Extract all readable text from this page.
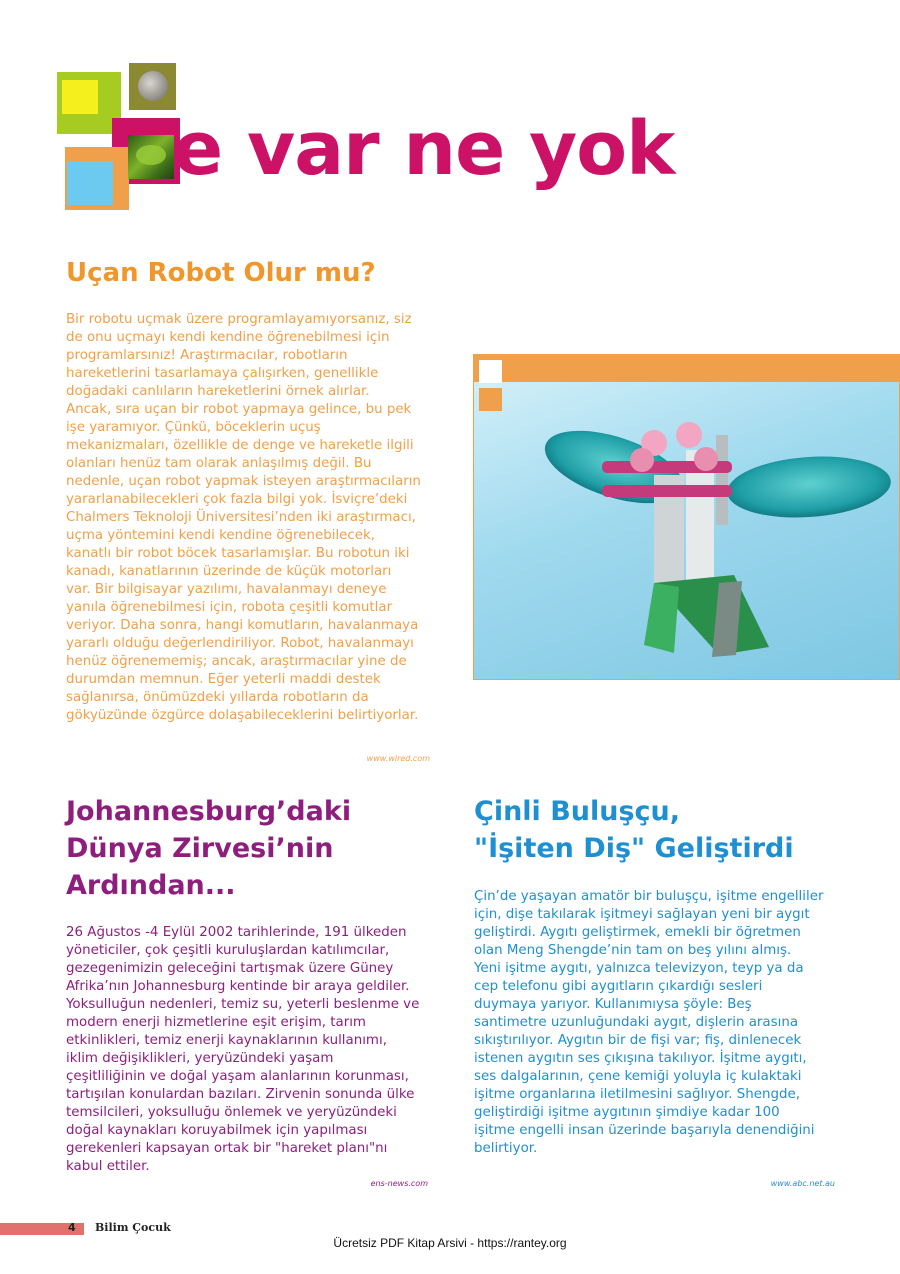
e var ne yok
Uçan Robot Olur mu?
Bir robotu uçmak üzere programlayamıyorsanız, siz
de onu uçmayı kendi kendine öğrenebilmesi için
programlarsınız! Araştırmacılar, robotların
hareketlerini tasarlamaya çalışırken, genellikle
doğadaki canlıların hareketlerini örnek alırlar.
Ancak, sıra uçan bir robot yapmaya gelince, bu pek
işe yaramıyor. Çünkü, böceklerin uçuş
mekanizmaları, özellikle de denge ve hareketle ilgili
olanları henüz tam olarak anlaşılmış değil. Bu
nedenle, uçan robot yapmak isteyen araştırmacıların
yararlanabilecekleri çok fazla bilgi yok. İsviçre’deki
Chalmers Teknoloji Üniversitesi’nden iki araştırmacı,
uçma yöntemini kendi kendine öğrenebilecek,
kanatlı bir robot böcek tasarlamışlar. Bu robotun iki
kanadı, kanatlarının üzerinde de küçük motorları
var. Bir bilgisayar yazılımı, havalanmayı deneye
yanıla öğrenebilmesi için, robota çeşitli komutlar
veriyor. Daha sonra, hangi komutların, havalanmaya
yararlı olduğu değerlendiriliyor. Robot, havalanmayı
henüz öğrenememiş; ancak, araştırmacılar yine de
durumdan memnun. Eğer yeterli maddi destek
sağlanırsa, önümüzdeki yıllarda robotların da
gökyüzünde özgürce dolaşabileceklerini belirtiyorlar.
www.wired.com
Johannesburg’daki
Dünya Zirvesi’nin
Ardından...
26 Ağustos -4 Eylül 2002 tarihlerinde, 191 ülkeden
yöneticiler, çok çeşitli kuruluşlardan katılımcılar,
gezegenimizin geleceğini tartışmak üzere Güney
Afrika’nın Johannesburg kentinde bir araya geldiler.
Yoksulluğun nedenleri, temiz su, yeterli beslenme ve
modern enerji hizmetlerine eşit erişim, tarım
etkinlikleri, temiz enerji kaynaklarının kullanımı,
iklim değişiklikleri, yeryüzündeki yaşam
çeşitliliğinin ve doğal yaşam alanlarının korunması,
tartışılan konulardan bazıları. Zirvenin sonunda ülke
temsilcileri, yoksulluğu önlemek ve yeryüzündeki
doğal kaynakları koruyabilmek için yapılması
gerekenleri kapsayan ortak bir "hareket planı"nı
kabul ettiler.
ens-news.com
Çinli Buluşçu,
"İşiten Diş" Geliştirdi
Çin’de yaşayan amatör bir buluşçu, işitme engelliler
için, dişe takılarak işitmeyi sağlayan yeni bir aygıt
geliştirdi. Aygıtı geliştirmek, emekli bir öğretmen
olan Meng Shengde’nin tam on beş yılını almış.
Yeni işitme aygıtı, yalnızca televizyon, teyp ya da
cep telefonu gibi aygıtların çıkardığı sesleri
duymaya yarıyor. Kullanımıysa şöyle: Beş
santimetre uzunluğundaki aygıt, dişlerin arasına
sıkıştırılıyor. Aygıtın bir de fişi var; fiş, dinlenecek
istenen aygıtın ses çıkışına takılıyor. İşitme aygıtı,
ses dalgalarının, çene kemiği yoluyla iç kulaktaki
işitme organlarına iletilmesini sağlıyor. Shengde,
geliştirdiği işitme aygıtının şimdiye kadar 100
işitme engelli insan üzerinde başarıyla denendiğini
belirtiyor.
www.abc.net.au
4 Bilim Çocuk
Ücretsiz PDF Kitap Arsivi - https://rantey.org
